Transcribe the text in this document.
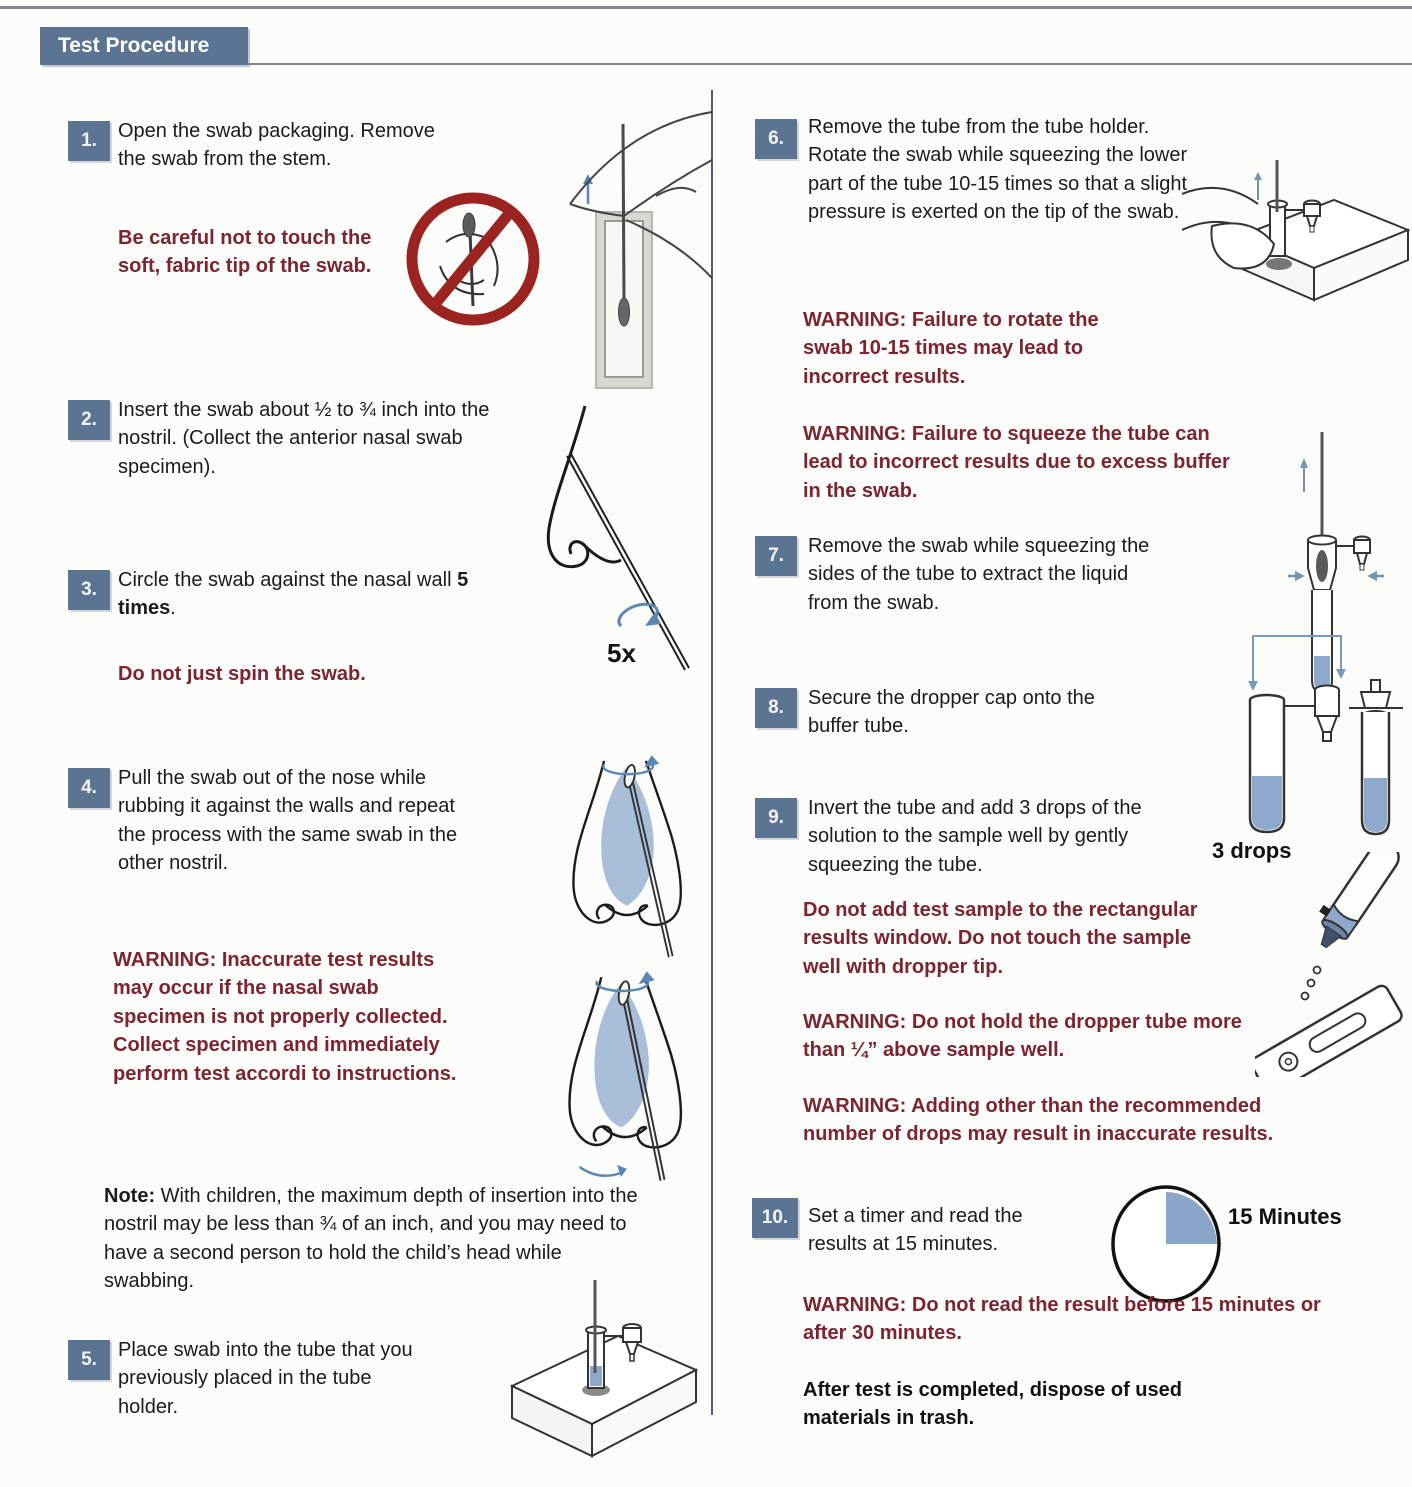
Test Procedure
1.	Open the swab packaging. Remove the swab from the stem.
Be careful not to touch the soft, fabric tip of the swab.
2.	Insert the swab about ½ to ¾ inch into the nostril. (Collect the anterior nasal swab specimen).
5x
3.	Circle the swab against the nasal wall 5 times.
Do not just spin the swab.
4.	Pull the swab out of the nose while rubbing it against the walls and repeat the process with the same swab in the other nostril.
WARNING: Inaccurate test results may occur if the nasal swab specimen is not properly collected. Collect specimen and immediately perform test accordi to instructions.
Note: With children, the maximum depth of insertion into the nostril may be less than ¾ of an inch, and you may need to have a second person to hold the child’s head while swabbing.
5.	Place swab into the tube that you previously placed in the tube holder.
6.
Remove the tube from the tube holder. Rotate the swab while squeezing the lower part of the tube 10-15 times so that a slight pressure is exerted on the tip of the swab.
WARNING: Failure to rotate the swab 10-15 times may lead to incorrect results.
WARNING: Failure to squeeze the tube can lead to incorrect results due to excess buffer in the swab.
7.	Remove the swab while squeezing the sides of the tube to extract the liquid from the swab.
8.	Secure the dropper cap onto the buffer tube.
9.	Invert the tube and add 3 drops of the solution to the sample well by gently squeezing the tube.
3 drops
Do not add test sample to the rectangular results window. Do not touch the sample well with dropper tip.
WARNING: Do not hold the dropper tube more than ¼” above sample well.
WARNING: Adding other than the recommended number of drops may result in inaccurate results.
10. Set a timer and read the results at 15 minutes.
15 Minutes
WARNING: Do not read the result before 15 minutes or after 30 minutes.
After test is completed, dispose of used materials in trash.
